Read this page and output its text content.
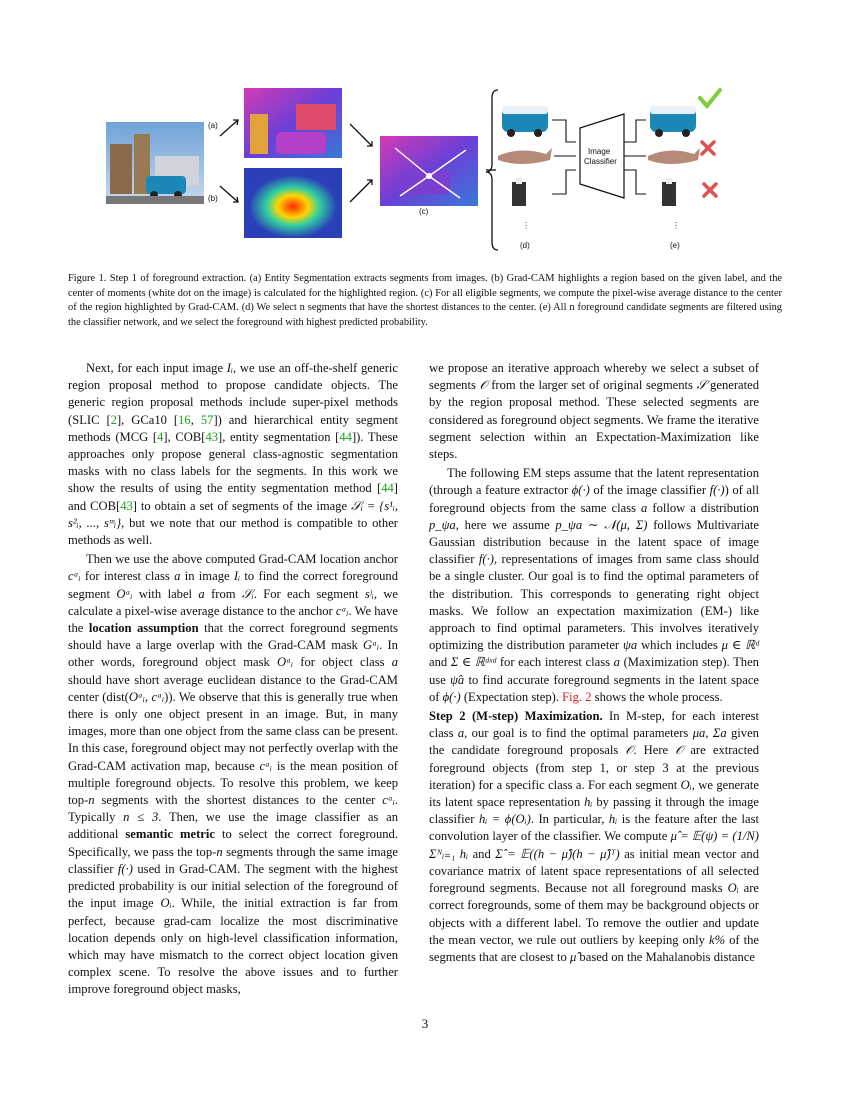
(a)
(b)
(c)
⋮
(d)
Image
Classifier
⋮
(e)
Figure 1. Step 1 of foreground extraction. (a) Entity Segmentation extracts segments from images. (b) Grad-CAM highlights a region based on the given label, and the center of moments (white dot on the image) is calculated for the highlighted region. (c) For all eligible segments, we compute the pixel-wise average distance to the center of the region highlighted by Grad-CAM. (d) We select n segments that have the shortest distances to the center. (e) All n foreground candidate segments are filtered using the classifier network, and we select the foreground with highest predicted probability.

Next, for each input image Iᵢ, we use an off-the-shelf generic region proposal method to propose candidate objects. The generic region proposal methods include super-pixel methods (SLIC [2], GCa10 [16, 57]) and hierarchical entity segment methods (MCG [4], COB[43], entity segmentation [44]). These approaches only propose general class-agnostic segmentation masks with no class labels for the segments. In this work we show the results of using the entity segmentation method [44] and COB[43] to obtain a set of segments of the image 𝒮ᵢ = {s¹ᵢ, s²ᵢ, ..., sᵐᵢ}, but we note that our method is compatible to other methods as well.

Then we use the above computed Grad-CAM location anchor cᵃᵢ for interest class a in image Iᵢ to find the correct foreground segment Oᵃᵢ with label a from 𝒮ᵢ. For each segment sʲᵢ, we calculate a pixel-wise average distance to the anchor cᵃᵢ. We have the location assumption that the correct foreground segments should have a large overlap with the Grad-CAM mask Gᵃᵢ. In other words, foreground object mask Oᵃᵢ for object class a should have short average euclidean distance to the Grad-CAM center (dist(Oᵃᵢ, cᵃᵢ)). We observe that this is generally true when there is only one object present in an image. But, in many images, more than one object from the same class can be present. In this case, foreground object may not perfectly overlap with the Grad-CAM activation map, because cᵃᵢ is the mean position of multiple foreground objects. To resolve this problem, we keep top-n segments with the shortest distances to the center cᵃᵢ. Typically n ≤ 3. Then, we use the image classifier as an additional semantic metric to select the correct foreground. Specifically, we pass the top-n segments through the same image classifier f(·) used in Grad-CAM. The segment with the highest predicted probability is our initial selection of the foreground of the input image Oᵢ. While, the initial extraction is far from perfect, because grad-cam localize the most discriminative location depends only on high-level classification information, which may have mismatch to the correct object location given complex scene. To resolve the above issues and to further improve foreground object masks,

we propose an iterative approach whereby we select a subset of segments 𝒪 from the larger set of original segments 𝒮 generated by the region proposal method. These selected segments are considered as foreground object segments. We frame the iterative segment selection within an Expectation-Maximization like steps.

The following EM steps assume that the latent representation (through a feature extractor ϕ(·) of the image classifier f(·)) of all foreground objects from the same class a follow a distribution p_ψa, here we assume p_ψa ∼ 𝒩(μ, Σ) follows Multivariate Gaussian distribution because in the latent space of image classifier f(·), representations of images from same class should be a single cluster. Our goal is to find the optimal parameters of the distribution. This corresponds to generating right object masks. We follow an expectation maximization (EM-) like approach to find optimal parameters. This involves iteratively optimizing the distribution parameter ψa which includes μ ∈ ℝᵈ and Σ ∈ ℝᵈˣᵈ for each interest class a (Maximization step). Then use ψ̂a to find accurate foreground segments in the latent space of ϕ(·) (Expectation step). Fig. 2 shows the whole process.

Step 2 (M-step) Maximization. In M-step, for each interest class a, our goal is to find the optimal parameters μa, Σa given the candidate foreground proposals 𝒪. Here 𝒪 are extracted foreground objects (from step 1, or step 3 at the previous iteration) for a specific class a. For each segment Oᵢ, we generate its latent space representation hᵢ by passing it through the image classifier hᵢ = ϕ(Oᵢ). In particular, hᵢ is the feature after the last convolution layer of the classifier. We compute μ̂ = 𝔼(ψ) = (1/N) Σᴺᵢ₌₁ hᵢ and Σ̂ = 𝔼((h − μ̂)(h − μ̂)ᵀ) as initial mean vector and covariance matrix of latent space representations of all selected foreground segments. Because not all foreground masks Oᵢ are correct foregrounds, some of them may be background objects or objects with a different label. To remove the outlier and update the mean vector, we rule out outliers by keeping only k% of the segments that are closest to μ̂ based on the Mahalanobis distance

3
